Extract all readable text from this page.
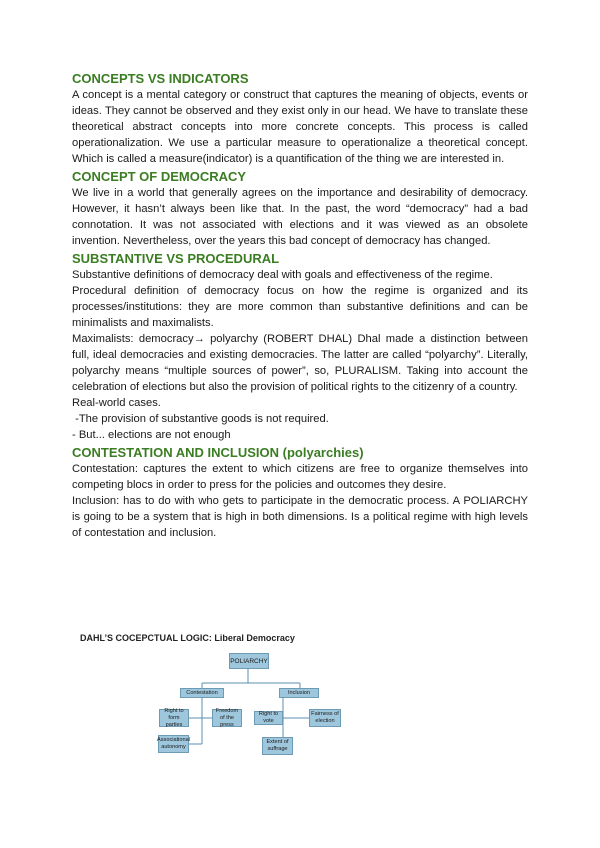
CONCEPTS VS INDICATORS

A concept is a mental category or construct that captures the meaning of objects, events or ideas. They cannot be observed and they exist only in our head. We have to translate these theoretical abstract concepts into more concrete concepts. This process is called operationalization. We use a particular measure to operationalize a theoretical concept. Which is called a measure(indicator) is a quantification of the thing we are interested in.

CONCEPT OF DEMOCRACY

We live in a world that generally agrees on the importance and desirability of democracy. However, it hasn’t always been like that. In the past, the word “democracy” had a bad connotation. It was not associated with elections and it was viewed as an obsolete invention. Nevertheless, over the years this bad concept of democracy has changed.

SUBSTANTIVE VS PROCEDURAL

Substantive definitions of democracy deal with goals and effectiveness of the regime.

Procedural definition of democracy focus on how the regime is organized and its processes/institutions: they are more common than substantive definitions and can be minimalists and maximalists.

Maximalists: democracy→ polyarchy (ROBERT DHAL) Dhal made a distinction between full, ideal democracies and existing democracies. The latter are called “polyarchy”. Literally, polyarchy means “multiple sources of power”, so, PLURALISM. Taking into account the celebration of elections but also the provision of political rights to the citizenry of a country.

Real-world cases.

-The provision of substantive goods is not required.

- But... elections are not enough

CONTESTATION AND INCLUSION (polyarchies)

Contestation: captures the extent to which citizens are free to organize themselves into competing blocs in order to press for the policies and outcomes they desire.

Inclusion: has to do with who gets to participate in the democratic process. A POLIARCHY is going to be a system that is high in both dimensions. Is a political regime with high levels of contestation and inclusion.

DAHL’S COCEPCTUAL LOGIC: Liberal Democracy
POLIARCHY
Contestation	Inclusion
Right to form parties
Freedom of the press
Associational autonomy
Right to vote
Fairness of election
Extent of suffrage
